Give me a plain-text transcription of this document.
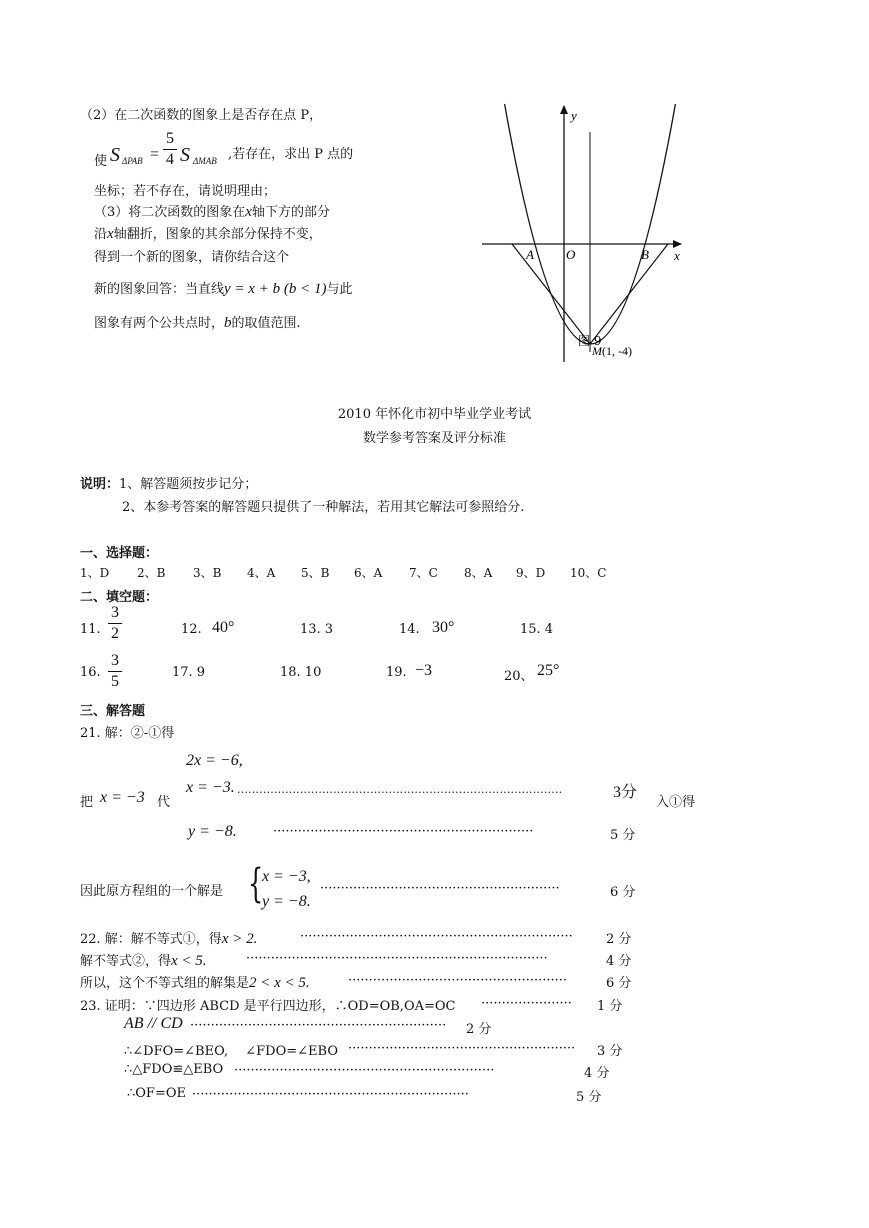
（2）在二次函数的图象上是否存在点 P，
使 S ΔPAB =
5
4 S ΔMAB ,若存在，求出 P 点的
坐标；若不存在，请说明理由；
（3）将二次函数的图象在x轴下方的部分
沿x轴翻折，图象的其余部分保持不变，
得到一个新的图象，请你结合这个
新的图象回答：当直线y = x + b (b < 1)与此
图象有两个公共点时，b的取值范围.
y
x
A O	B
图 9
M(1, -4)
2010 年怀化市初中毕业学业考试
数学参考答案及评分标准
说明：1、解答题须按步记分；
2、本参考答案的解答题只提供了一种解法，若用其它解法可参照给分.
一、选择题：
1、D 2、B 3、B 4、A 5、B 6、A 7、C 8、A 9、D 10、C
二、填空题：
11.
3
2	12. 40°	13. 3	14. 30°	15. 4
16.
3
5
17. 9	18. 10	19. −3	20、 25°
三、解答题
21. 解：②-①得
2x = −6,
x = −3. ........................................................................................	3分
把 x = −3 代	入①得
y = −8.	·······························································	5 分
因此原方程组的一个解是 {
x = −3,
y = −8.
··························································	6 分
22. 解：解不等式①，得x > 2.	··································································	2 分
解不等式②，得x < 5.	·········································································	4 分
所以，这个不等式组的解集是2 < x < 5.	·····················································	6 分
23. 证明：∵四边形 ABCD 是平行四边形，∴OD=OB,OA=OC ······················ 1 分
AB // CD ······························································ 2 分
∴∠DFO=∠BEO,　 ∠FDO=∠EBO ······················································· 3 分
∴△FDO≌△EBO ·······························································	4 分
∴OF=OE ···································································	5 分
